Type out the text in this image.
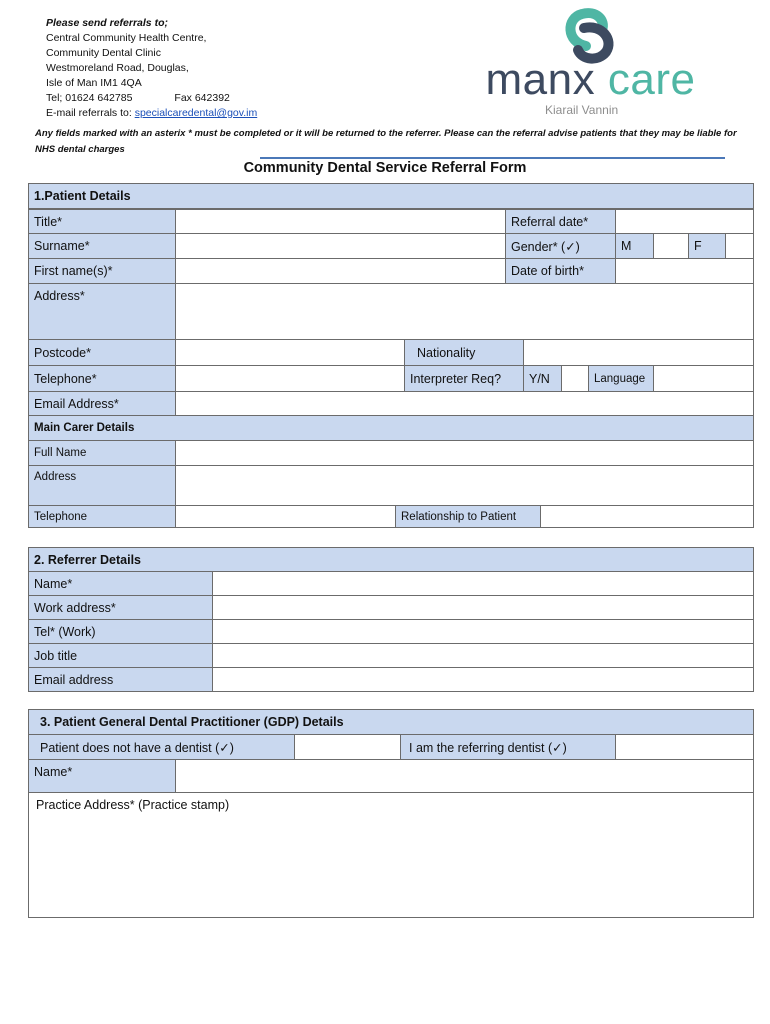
Please send referrals to;
Central Community Health Centre,
Community Dental Clinic
Westmoreland Road, Douglas,
Isle of Man IM1 4QA
Tel; 01624 642785	Fax 642392
E-mail referrals to: specialcaredental@gov.im
manx care
Kiarail Vannin
Any fields marked with an asterix * must be completed or it will be returned to the referrer. Please can the referral advise patients that they may be liable for NHS dental charges
Community Dental Service Referral Form
1.Patient Details
Title*	Referral date*
Surname*	Gender* (✓)	M	F
First name(s)*	Date of birth*
Address*
Postcode*	Nationality
Telephone*	Interpreter Req?	Y/N	Language
Email Address*
Main Carer Details
Full Name
Address
Telephone	Relationship to Patient
2. Referrer Details
Name*
Work address*
Tel* (Work)
Job title
Email address
3. Patient General Dental Practitioner (GDP) Details
Patient does not have a dentist (✓)	I am the referring dentist (✓)
Name*
Practice Address* (Practice stamp)
